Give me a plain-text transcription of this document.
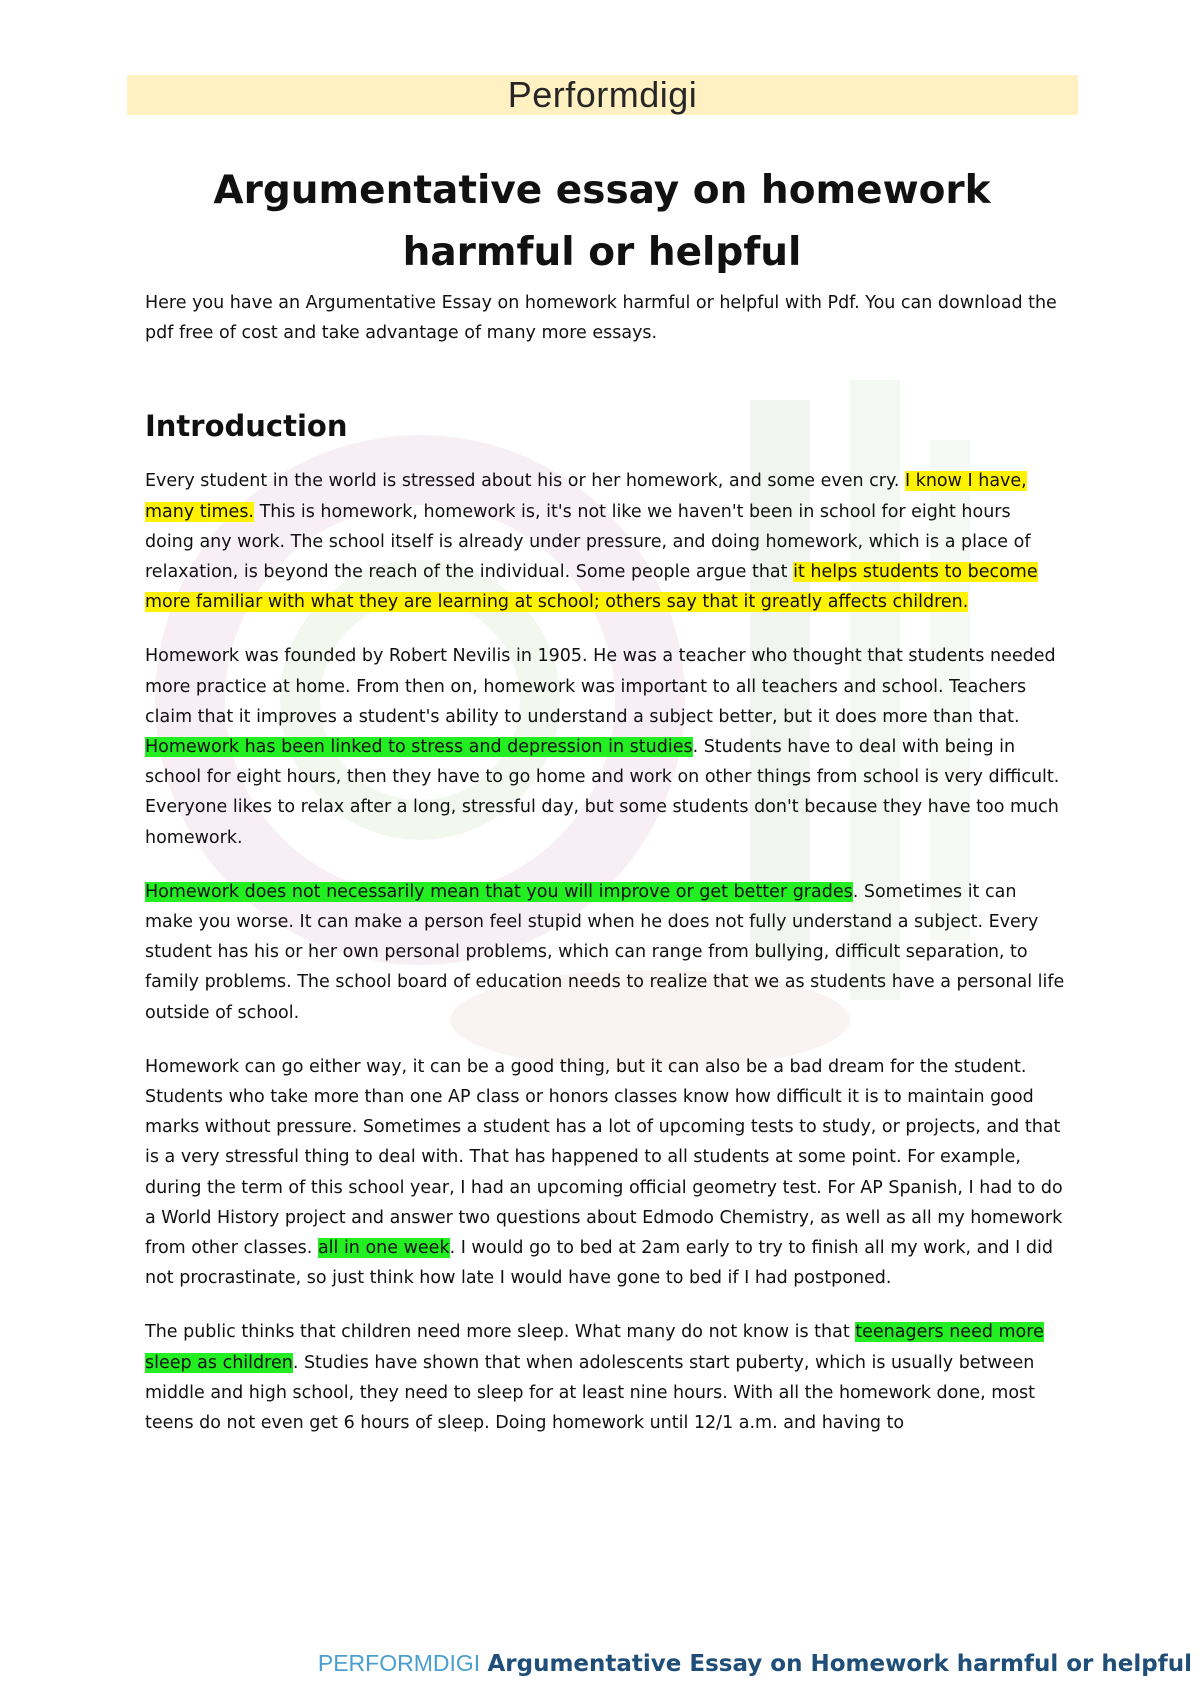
Performdigi
Argumentative essay on homework harmful or helpful

Here you have an Argumentative Essay on homework harmful or helpful with Pdf. You can download the pdf free of cost and take advantage of many more essays.

Introduction

Every student in the world is stressed about his or her homework, and some even cry. I know I have, many times. This is homework, homework is, it's not like we haven't been in school for eight hours doing any work. The school itself is already under pressure, and doing homework, which is a place of relaxation, is beyond the reach of the individual. Some people argue that it helps students to become more familiar with what they are learning at school; others say that it greatly affects children.

Homework was founded by Robert Nevilis in 1905. He was a teacher who thought that students needed more practice at home. From then on, homework was important to all teachers and school. Teachers claim that it improves a student's ability to understand a subject better, but it does more than that. Homework has been linked to stress and depression in studies. Students have to deal with being in school for eight hours, then they have to go home and work on other things from school is very difficult. Everyone likes to relax after a long, stressful day, but some students don't because they have too much homework.

Homework does not necessarily mean that you will improve or get better grades. Sometimes it can make you worse. It can make a person feel stupid when he does not fully understand a subject. Every student has his or her own personal problems, which can range from bullying, difficult separation, to family problems. The school board of education needs to realize that we as students have a personal life outside of school.

Homework can go either way, it can be a good thing, but it can also be a bad dream for the student. Students who take more than one AP class or honors classes know how difficult it is to maintain good marks without pressure. Sometimes a student has a lot of upcoming tests to study, or projects, and that is a very stressful thing to deal with. That has happened to all students at some point. For example, during the term of this school year, I had an upcoming official geometry test. For AP Spanish, I had to do a World History project and answer two questions about Edmodo Chemistry, as well as all my homework from other classes. all in one week. I would go to bed at 2am early to try to finish all my work, and I did not procrastinate, so just think how late I would have gone to bed if I had postponed.

The public thinks that children need more sleep. What many do not know is that teenagers need more sleep as children. Studies have shown that when adolescents start puberty, which is usually between middle and high school, they need to sleep for at least nine hours. With all the homework done, most teens do not even get 6 hours of sleep. Doing homework until 12/1 a.m. and having to

PERFORMDIGI Argumentative Essay on Homework harmful or helpful
